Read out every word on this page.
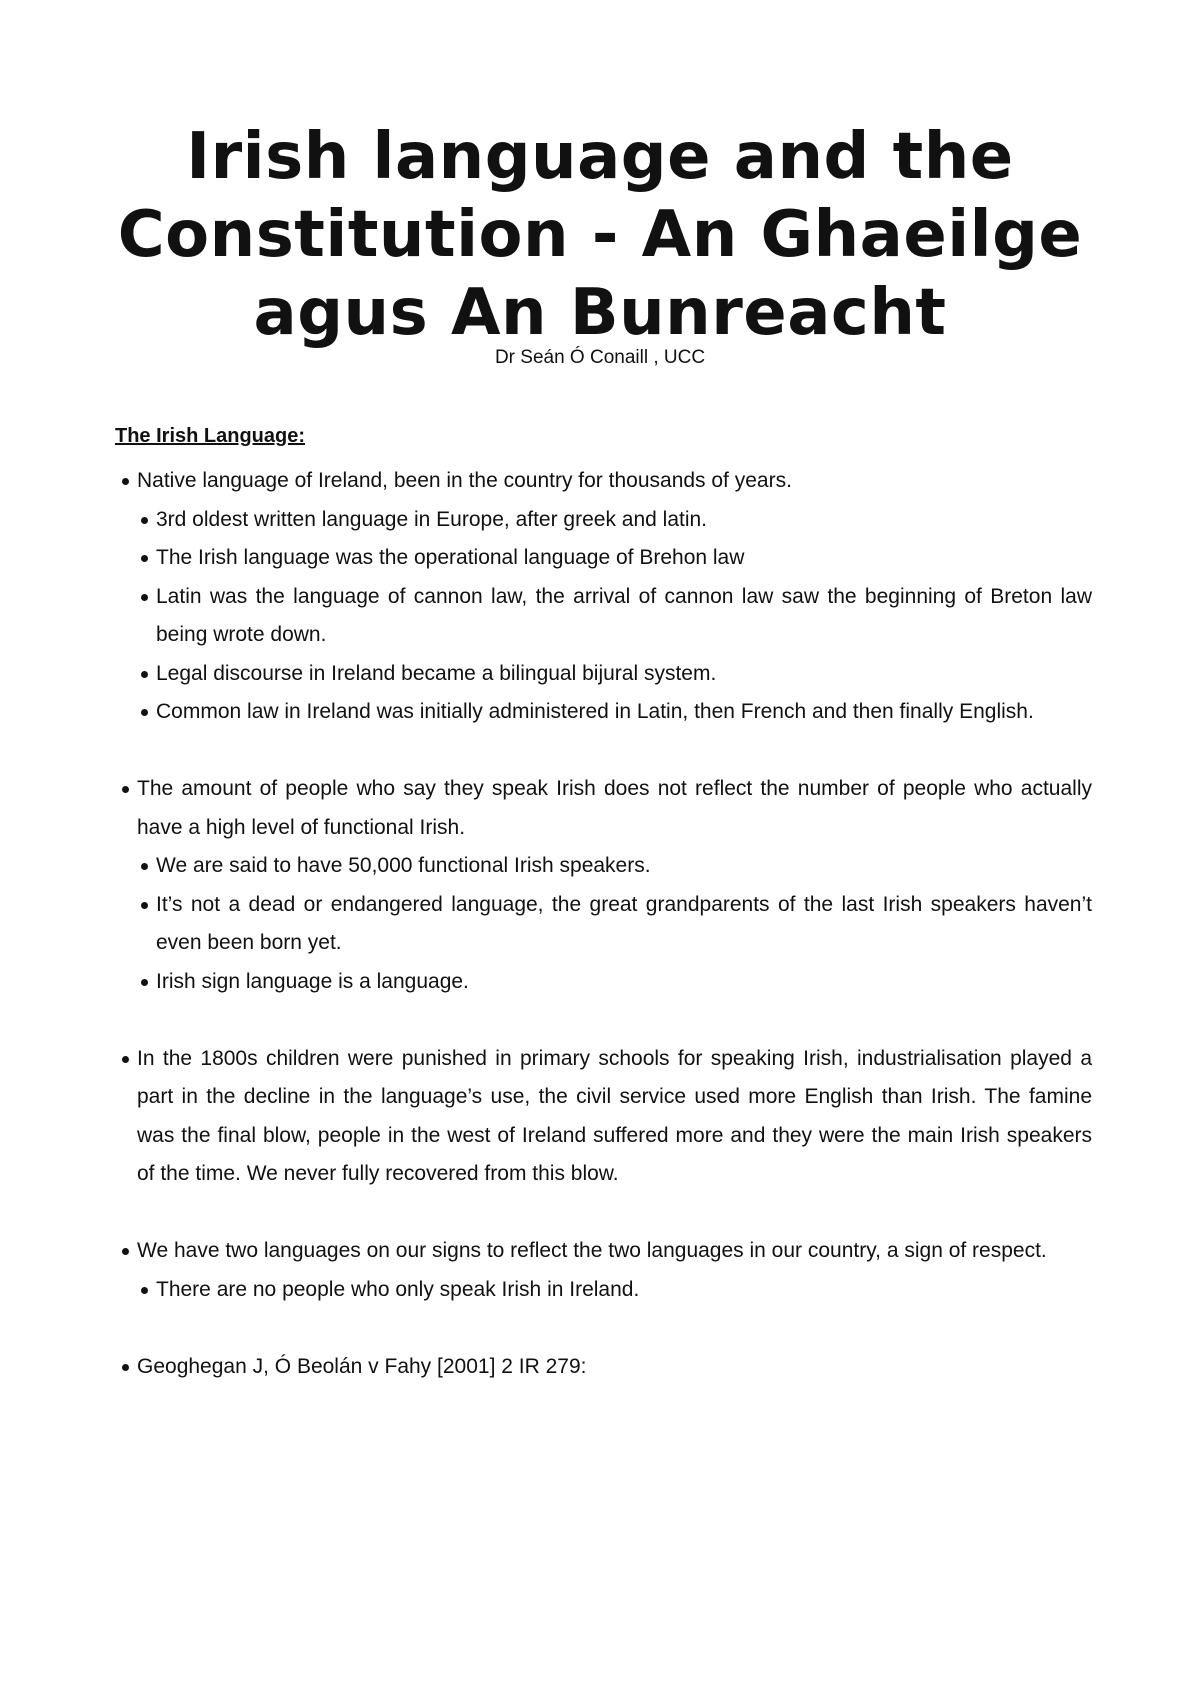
Irish language and the
Constitution - An Ghaeilge
agus An Bunreacht

Dr Seán Ó Conaill , UCC

The Irish Language:

Native language of Ireland, been in the country for thousands of years.

3rd oldest written language in Europe, after greek and latin.

The Irish language was the operational language of Brehon law

Latin was the language of cannon law, the arrival of cannon law saw the beginning of Breton law being wrote down.

Legal discourse in Ireland became a bilingual bijural system.

Common law in Ireland was initially administered in Latin, then French and then finally English.

The amount of people who say they speak Irish does not reflect the number of people who actually have a high level of functional Irish.

We are said to have 50,000 functional Irish speakers.

It’s not a dead or endangered language, the great grandparents of the last Irish speakers haven’t even been born yet.

Irish sign language is a language.

In the 1800s children were punished in primary schools for speaking Irish, industrialisation played a part in the decline in the language’s use, the civil service used more English than Irish. The famine was the final blow, people in the west of Ireland suffered more and they were the main Irish speakers of the time. We never fully recovered from this blow.

We have two languages on our signs to reflect the two languages in our country, a sign of respect.

There are no people who only speak Irish in Ireland.

Geoghegan J, Ó Beolán v Fahy [2001] 2 IR 279:
